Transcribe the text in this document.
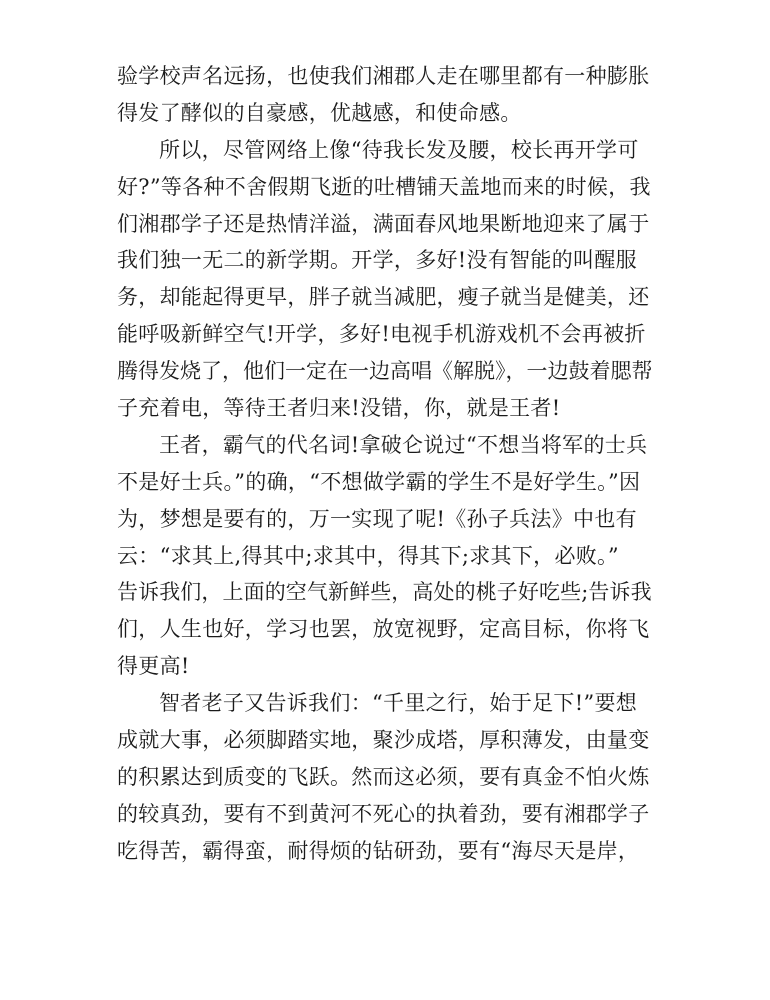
验学校声名远扬，也使我们湘郡人走在哪里都有一种膨胀
得发了酵似的自豪感，优越感，和使命感。
所以，尽管网络上像“待我长发及腰，校长再开学可
好?”等各种不舍假期飞逝的吐槽铺天盖地而来的时候，我
们湘郡学子还是热情洋溢，满面春风地果断地迎来了属于
我们独一无二的新学期。开学，多好!没有智能的叫醒服
务，却能起得更早，胖子就当减肥，瘦子就当是健美，还
能呼吸新鲜空气!开学，多好!电视手机游戏机不会再被折
腾得发烧了，他们一定在一边高唱《解脱》，一边鼓着腮帮
子充着电，等待王者归来!没错，你，就是王者!
王者，霸气的代名词!拿破仑说过“不想当将军的士兵
不是好士兵。”的确，“不想做学霸的学生不是好学生。”因
为，梦想是要有的，万一实现了呢!《孙子兵法》中也有
云：“求其上,得其中;求其中，得其下;求其下，必败。”
告诉我们，上面的空气新鲜些，高处的桃子好吃些;告诉我
们，人生也好，学习也罢，放宽视野，定高目标，你将飞
得更高!
智者老子又告诉我们：“千里之行，始于足下!”要想
成就大事，必须脚踏实地，聚沙成塔，厚积薄发，由量变
的积累达到质变的飞跃。然而这必须，要有真金不怕火炼
的较真劲，要有不到黄河不死心的执着劲，要有湘郡学子
吃得苦，霸得蛮，耐得烦的钻研劲，要有“海尽天是岸，
